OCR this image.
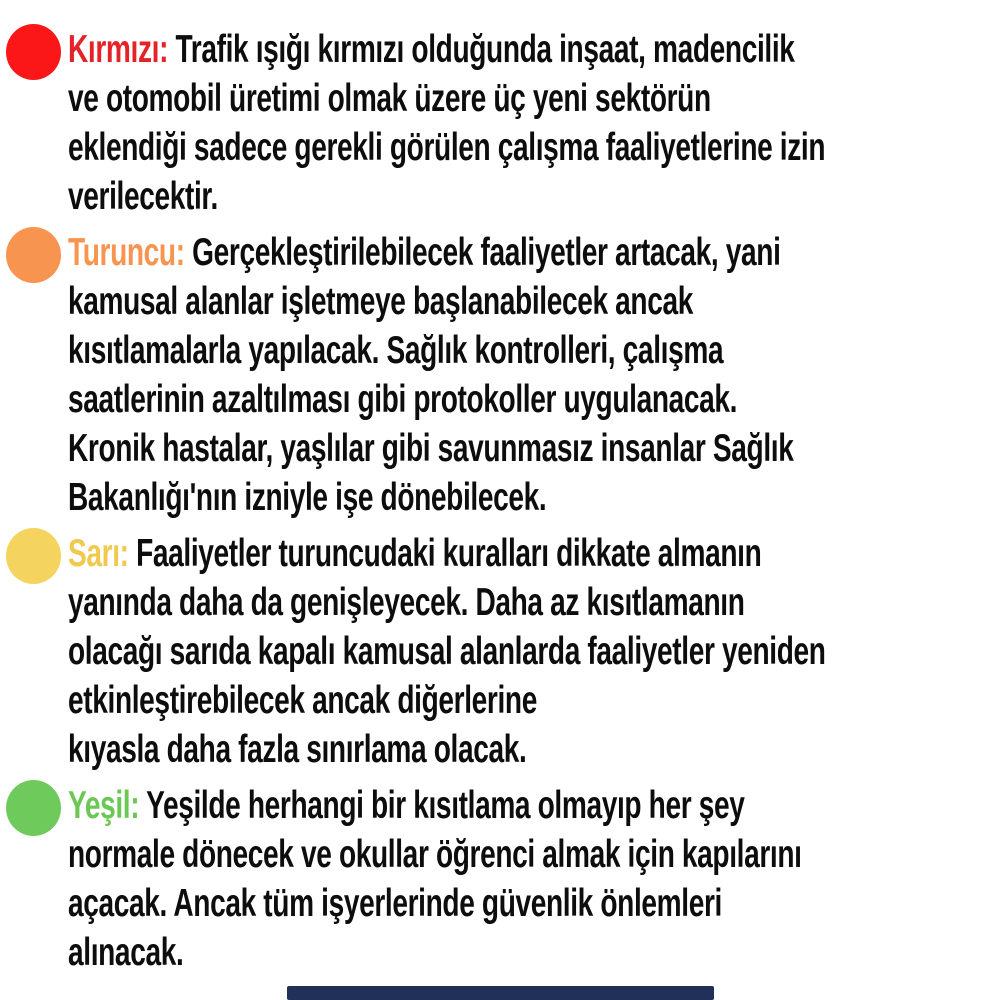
Kırmızı: Trafik ışığı kırmızı olduğunda inşaat, madencilik
ve otomobil üretimi olmak üzere üç yeni sektörün
eklendiği sadece gerekli görülen çalışma faaliyetlerine izin
verilecektir.
Turuncu: Gerçekleştirilebilecek faaliyetler artacak, yani
kamusal alanlar işletmeye başlanabilecek ancak
kısıtlamalarla yapılacak. Sağlık kontrolleri, çalışma
saatlerinin azaltılması gibi protokoller uygulanacak.
Kronik hastalar, yaşlılar gibi savunmasız insanlar Sağlık
Bakanlığı'nın izniyle işe dönebilecek.
Sarı: Faaliyetler turuncudaki kuralları dikkate almanın
yanında daha da genişleyecek. Daha az kısıtlamanın
olacağı sarıda kapalı kamusal alanlarda faaliyetler yeniden
etkinleştirebilecek ancak diğerlerine
kıyasla daha fazla sınırlama olacak.
Yeşil: Yeşilde herhangi bir kısıtlama olmayıp her şey
normale dönecek ve okullar öğrenci almak için kapılarını
açacak. Ancak tüm işyerlerinde güvenlik önlemleri
alınacak.
